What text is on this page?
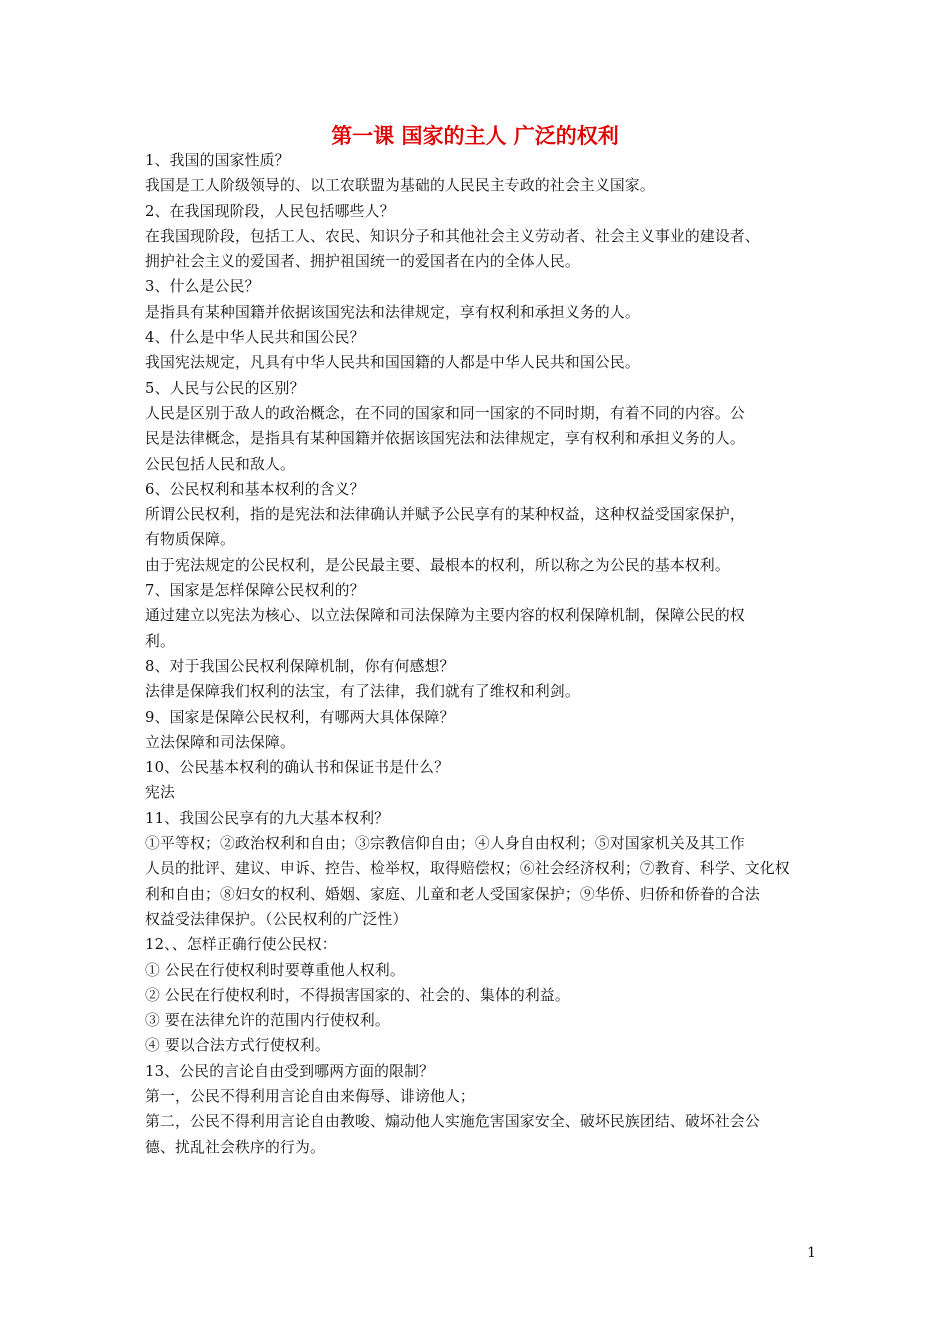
第一课 国家的主人 广泛的权利
1、我国的国家性质？
我国是工人阶级领导的、以工农联盟为基础的人民民主专政的社会主义国家。
2、在我国现阶段，人民包括哪些人？
在我国现阶段，包括工人、农民、知识分子和其他社会主义劳动者、社会主义事业的建设者、
拥护社会主义的爱国者、拥护祖国统一的爱国者在内的全体人民。
3、什么是公民？
是指具有某种国籍并依据该国宪法和法律规定，享有权利和承担义务的人。
4、什么是中华人民共和国公民？
我国宪法规定，凡具有中华人民共和国国籍的人都是中华人民共和国公民。
5、人民与公民的区别？
人民是区别于敌人的政治概念，在不同的国家和同一国家的不同时期，有着不同的内容。公
民是法律概念，是指具有某种国籍并依据该国宪法和法律规定，享有权利和承担义务的人。
公民包括人民和敌人。
6、公民权利和基本权利的含义？
所谓公民权利，指的是宪法和法律确认并赋予公民享有的某种权益，这种权益受国家保护，
有物质保障。
由于宪法规定的公民权利，是公民最主要、最根本的权利，所以称之为公民的基本权利。
7、国家是怎样保障公民权利的？
通过建立以宪法为核心、以立法保障和司法保障为主要内容的权利保障机制，保障公民的权
利。
8、对于我国公民权利保障机制，你有何感想？
法律是保障我们权利的法宝，有了法律，我们就有了维权和利剑。
9、国家是保障公民权利，有哪两大具体保障？
立法保障和司法保障。
10、公民基本权利的确认书和保证书是什么？
宪法
11、我国公民享有的九大基本权利？
①平等权；②政治权利和自由；③宗教信仰自由；④人身自由权利；⑤对国家机关及其工作
人员的批评、建议、申诉、控告、检举权，取得赔偿权；⑥社会经济权利；⑦教育、科学、文化权
利和自由；⑧妇女的权利、婚姻、家庭、儿童和老人受国家保护；⑨华侨、归侨和侨眷的合法
权益受法律保护。（公民权利的广泛性）
12、、怎样正确行使公民权：
① 公民在行使权利时要尊重他人权利。
② 公民在行使权利时，不得损害国家的、社会的、集体的利益。
③ 要在法律允许的范围内行使权利。
④ 要以合法方式行使权利。
13、公民的言论自由受到哪两方面的限制？
第一，公民不得利用言论自由来侮辱、诽谤他人；
第二，公民不得利用言论自由教唆、煽动他人实施危害国家安全、破坏民族团结、破坏社会公
德、扰乱社会秩序的行为。
1
